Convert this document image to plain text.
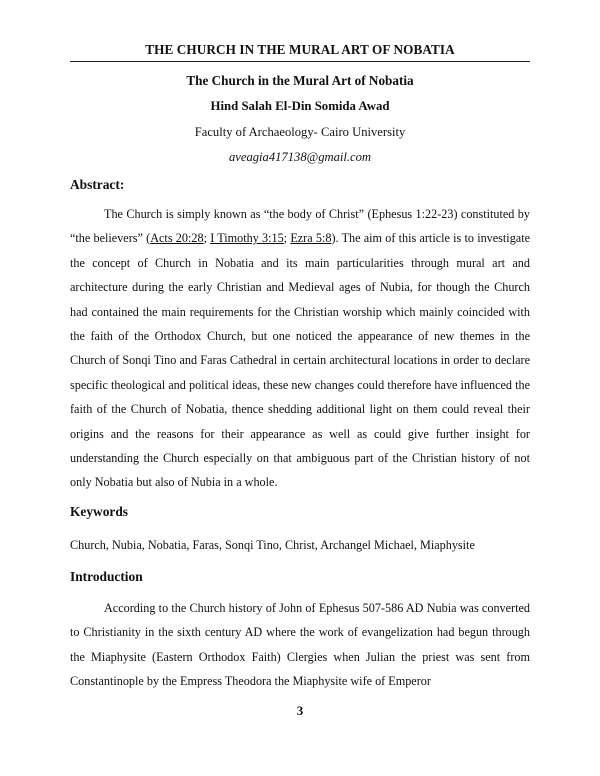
THE CHURCH IN THE MURAL ART OF NOBATIA
The Church in the Mural Art of Nobatia
Hind Salah El-Din Somida Awad
Faculty of Archaeology- Cairo University
aveagia417138@gmail.com
Abstract:

The Church is simply known as “the body of Christ” (Ephesus 1:22-23) constituted by “the believers” (Acts 20:28; I Timothy 3:15; Ezra 5:8). The aim of this article is to investigate the concept of Church in Nobatia and its main particularities through mural art and architecture during the early Christian and Medieval ages of Nubia, for though the Church had contained the main requirements for the Christian worship which mainly coincided with the faith of the Orthodox Church, but one noticed the appearance of new themes in the Church of Sonqi Tino and Faras Cathedral in certain architectural locations in order to declare specific theological and political ideas, these new changes could therefore have influenced the faith of the Church of Nobatia, thence shedding additional light on them could reveal their origins and the reasons for their appearance as well as could give further insight for understanding the Church especially on that ambiguous part of the Christian history of not only Nobatia but also of Nubia in a whole.

Keywords
Church, Nubia, Nobatia, Faras, Sonqi Tino, Christ, Archangel Michael, Miaphysite
Introduction

According to the Church history of John of Ephesus 507-586 AD Nubia was converted to Christianity in the sixth century AD where the work of evangelization had begun through the Miaphysite (Eastern Orthodox Faith) Clergies when Julian the priest was sent from Constantinople by the Empress Theodora the Miaphysite wife of Emperor

3
